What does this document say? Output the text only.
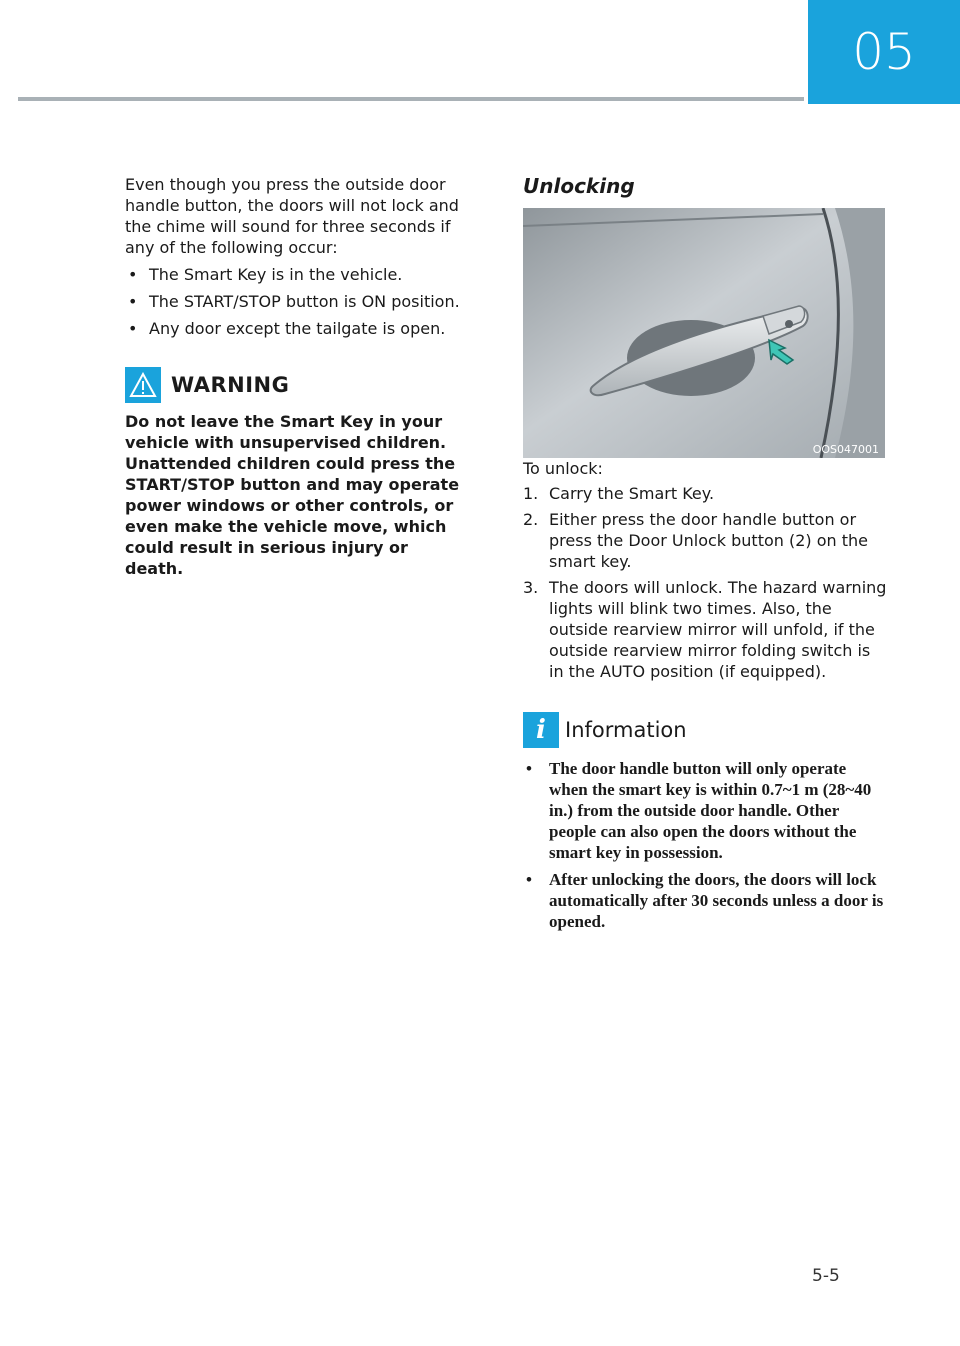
05

Even though you press the outside door handle button, the doors will not lock and the chime will sound for three seconds if any of the following occur:

• The Smart Key is in the vehicle.
• The START/STOP button is ON position.
• Any door except the tailgate is open.
WARNING

Do not leave the Smart Key in your vehicle with unsupervised children. Unattended children could press the START/STOP button and may operate power windows or other controls, or even make the vehicle move, which could result in serious injury or death.

Unlocking
OOS047001

To unlock:

1. Carry the Smart Key.
2. Either press the door handle button or press the Door Unlock button (2) on the smart key.
3. The doors will unlock. The hazard warning lights will blink two times. Also, the outside rearview mirror will unfold, if the outside rearview mirror folding switch is in the AUTO position (if equipped).
i Information
• The door handle button will only operate when the smart key is within 0.7~1 m (28~40 in.) from the outside door handle. Other people can also open the doors without the smart key in possession.
• After unlocking the doors, the doors will lock automatically after 30 seconds unless a door is opened.
5-5
